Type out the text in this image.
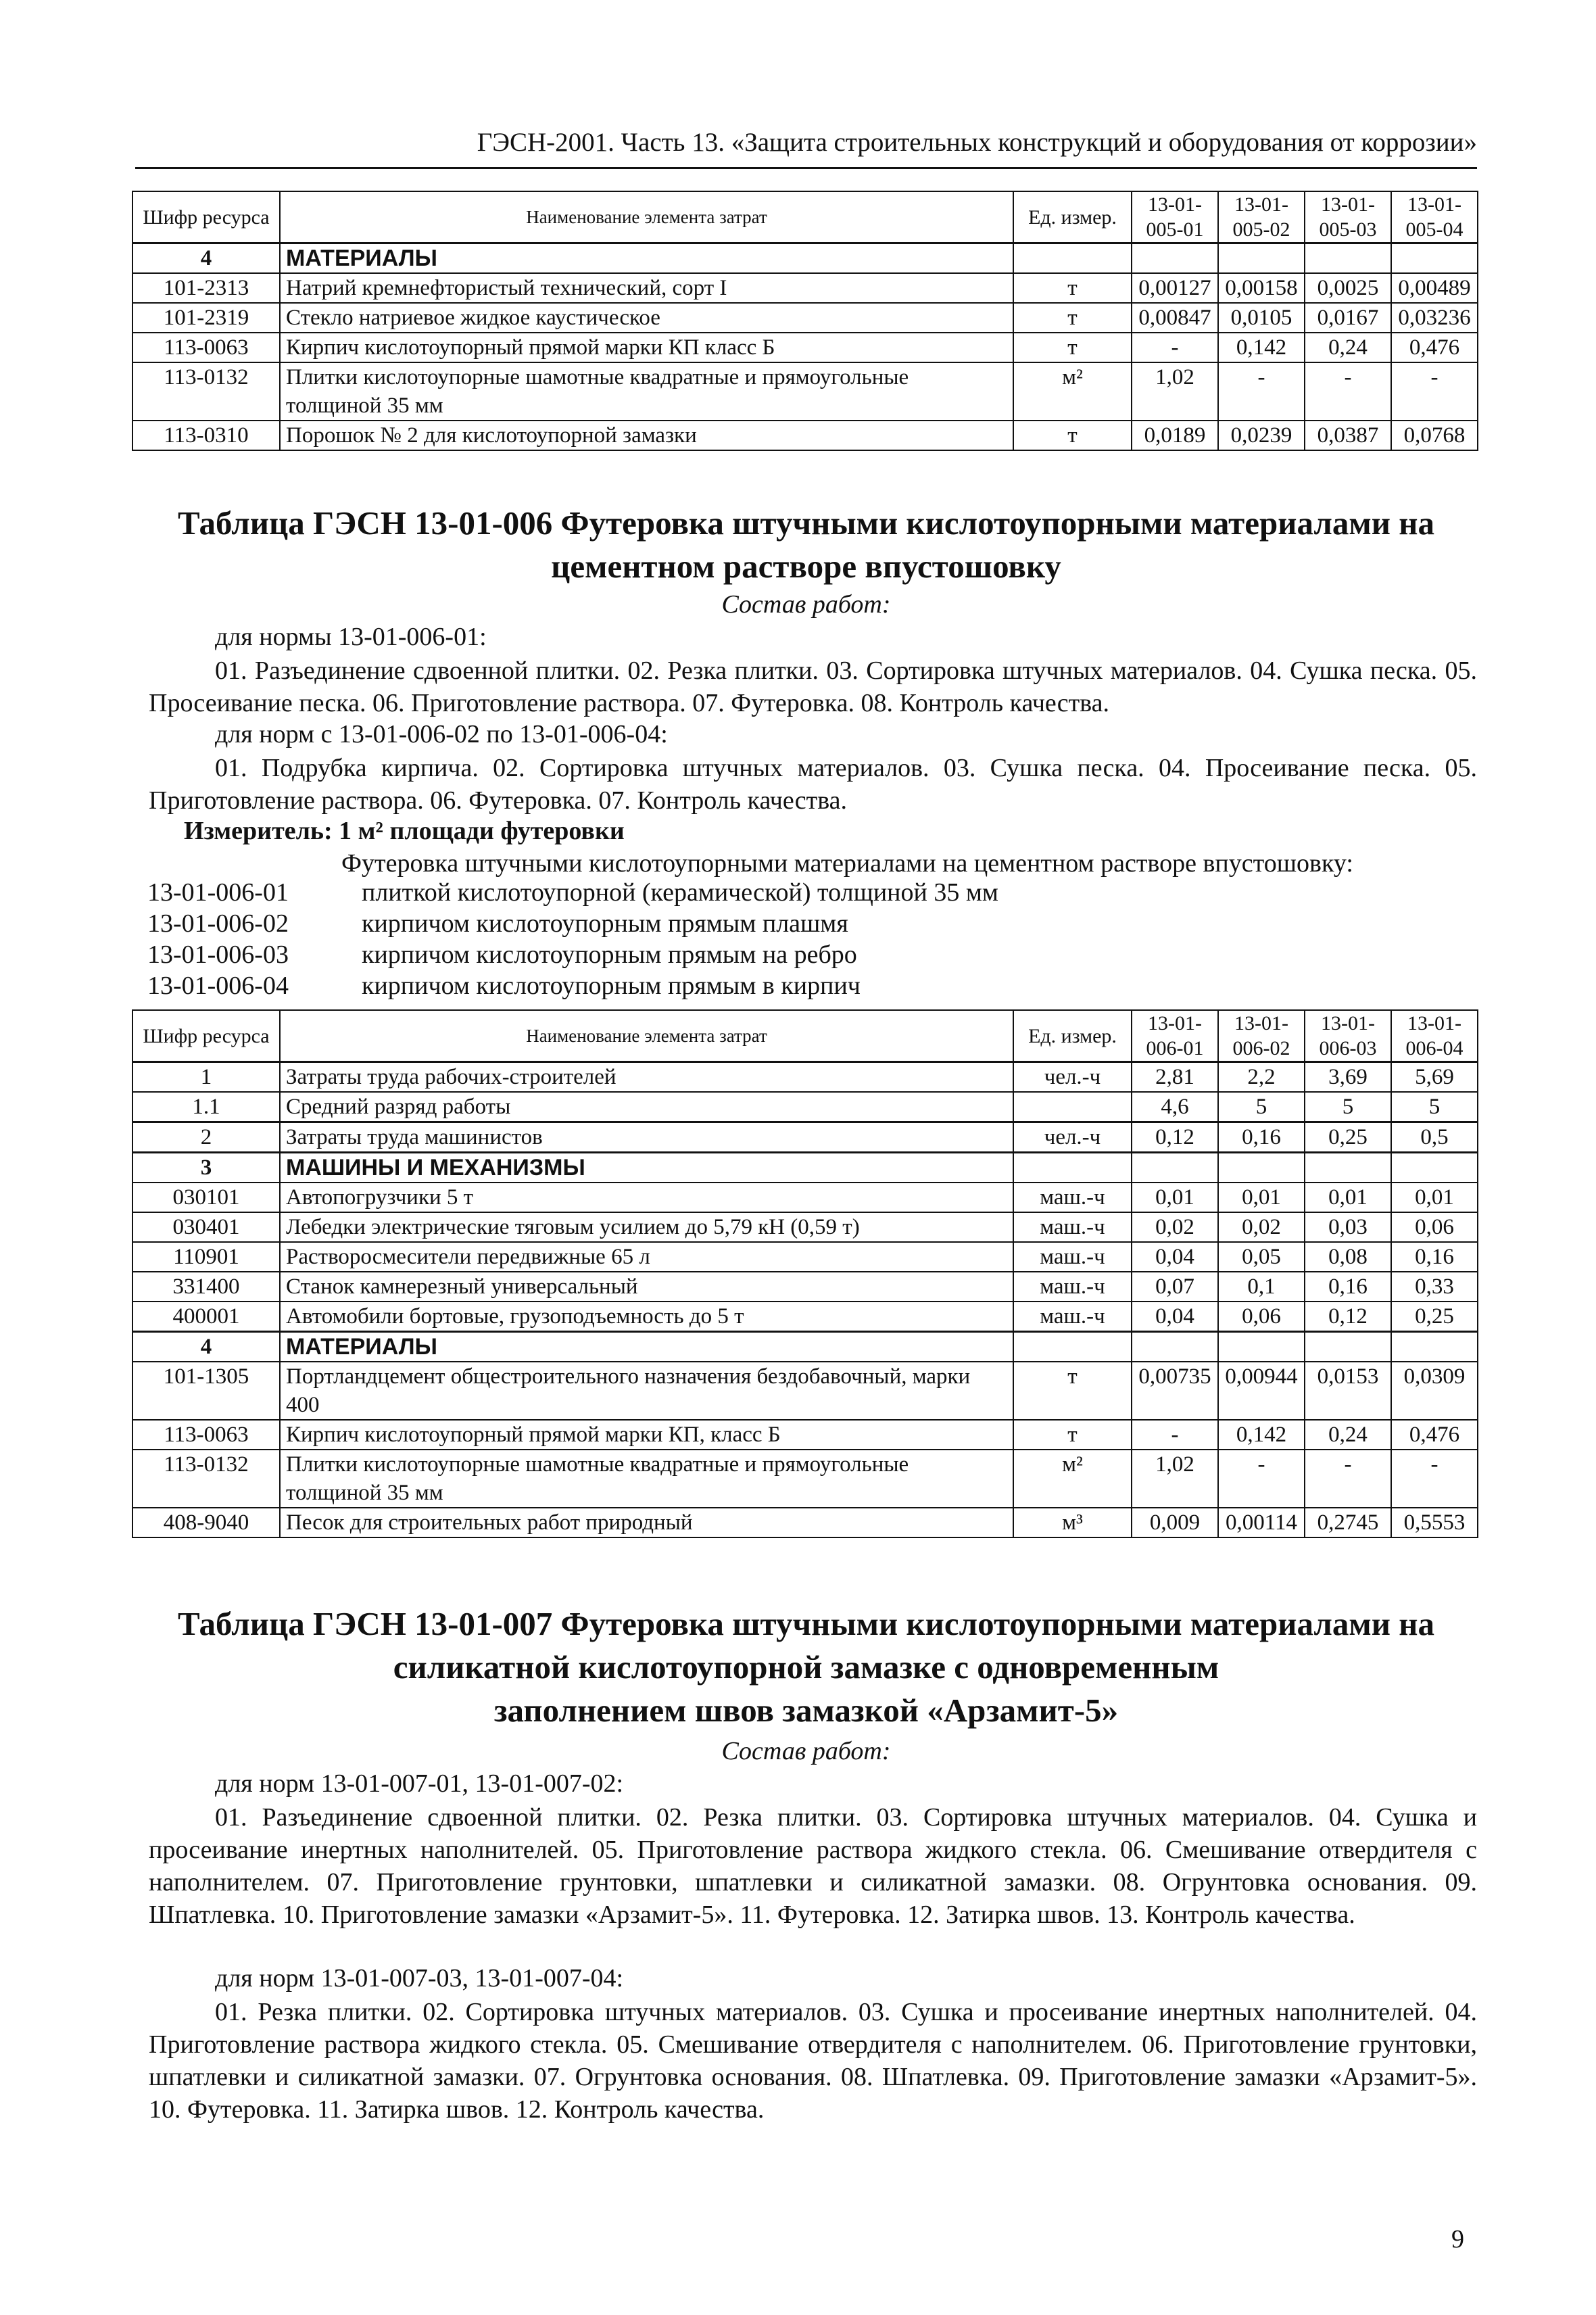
ГЭСН-2001. Часть 13. «Защита строительных конструкций и оборудования от коррозии»
Шифр ресурса	Наименование элемента затрат	Ед. измер.	13-01-005-01	13-01-005-02	13-01-005-03	13-01-005-04
4	МАТЕРИАЛЫ					
101-2313	Натрий кремнефтористый технический, сорт I	т	0,00127	0,00158	0,0025	0,00489
101-2319	Стекло натриевое жидкое каустическое	т	0,00847	0,0105	0,0167	0,03236
113-0063	Кирпич кислотоупорный прямой марки КП класс Б	т	-	0,142	0,24	0,476
113-0132	Плитки кислотоупорные шамотные квадратные и прямоугольные толщиной 35 мм	м²	1,02	-	-	-
113-0310	Порошок № 2 для кислотоупорной замазки	т	0,0189	0,0239	0,0387	0,0768
Таблица ГЭСН 13-01-006 Футеровка штучными кислотоупорными материалами на цементном растворе впустошовку
Состав работ:
для нормы 13-01-006-01:
01. Разъединение сдвоенной плитки. 02. Резка плитки. 03. Сортировка штучных материалов. 04. Сушка песка. 05. Просеивание песка. 06. Приготовление раствора. 07. Футеровка. 08. Контроль качества.
для норм с 13-01-006-02 по 13-01-006-04:
01. Подрубка кирпича. 02. Сортировка штучных материалов. 03. Сушка песка. 04. Просеивание песка. 05. Приготовление раствора. 06. Футеровка. 07. Контроль качества.
Измеритель: 1 м² площади футеровки
Футеровка штучными кислотоупорными материалами на цементном растворе впустошовку:
13-01-006-01	плиткой кислотоупорной (керамической) толщиной 35 мм
13-01-006-02	кирпичом кислотоупорным прямым плашмя
13-01-006-03	кирпичом кислотоупорным прямым на ребро
13-01-006-04	кирпичом кислотоупорным прямым в кирпич
Шифр ресурса	Наименование элемента затрат	Ед. измер.	13-01-006-01	13-01-006-02	13-01-006-03	13-01-006-04
1	Затраты труда рабочих-строителей	чел.-ч	2,81	2,2	3,69	5,69
1.1	Средний разряд работы		4,6	5	5	5
2	Затраты труда машинистов	чел.-ч	0,12	0,16	0,25	0,5
3	МАШИНЫ И МЕХАНИЗМЫ					
030101	Автопогрузчики 5 т	маш.-ч	0,01	0,01	0,01	0,01
030401	Лебедки электрические тяговым усилием до 5,79 кН (0,59 т)	маш.-ч	0,02	0,02	0,03	0,06
110901	Растворосмесители передвижные 65 л	маш.-ч	0,04	0,05	0,08	0,16
331400	Станок камнерезный универсальный	маш.-ч	0,07	0,1	0,16	0,33
400001	Автомобили бортовые, грузоподъемность до 5 т	маш.-ч	0,04	0,06	0,12	0,25
4	МАТЕРИАЛЫ					
101-1305	Портландцемент общестроительного назначения бездобавочный, марки 400	т	0,00735	0,00944	0,0153	0,0309
113-0063	Кирпич кислотоупорный прямой марки КП, класс Б	т	-	0,142	0,24	0,476
113-0132	Плитки кислотоупорные шамотные квадратные и прямоугольные толщиной 35 мм	м²	1,02	-	-	-
408-9040	Песок для строительных работ природный	м³	0,009	0,00114	0,2745	0,5553
Таблица ГЭСН 13-01-007 Футеровка штучными кислотоупорными материалами на
силикатной кислотоупорной замазке с одновременным
заполнением швов замазкой «Арзамит-5»
Состав работ:
для норм 13-01-007-01, 13-01-007-02:
01. Разъединение сдвоенной плитки. 02. Резка плитки. 03. Сортировка штучных материалов. 04. Сушка и просеивание инертных наполнителей. 05. Приготовление раствора жидкого стекла. 06. Смешивание отвердителя с наполнителем. 07. Приготовление грунтовки, шпатлевки и силикатной замазки. 08. Огрунтовка основания. 09. Шпатлевка. 10. Приготовление замазки «Арзамит-5». 11. Футеровка. 12. Затирка швов. 13. Контроль качества.
для норм 13-01-007-03, 13-01-007-04:
01. Резка плитки. 02. Сортировка штучных материалов. 03. Сушка и просеивание инертных наполнителей. 04. Приготовление раствора жидкого стекла. 05. Смешивание отвердителя с наполнителем. 06. Приготовление грунтовки, шпатлевки и силикатной замазки. 07. Огрунтовка основания. 08. Шпатлевка. 09. Приготовление замазки «Арзамит-5». 10. Футеровка. 11. Затирка швов. 12. Контроль качества.
9
